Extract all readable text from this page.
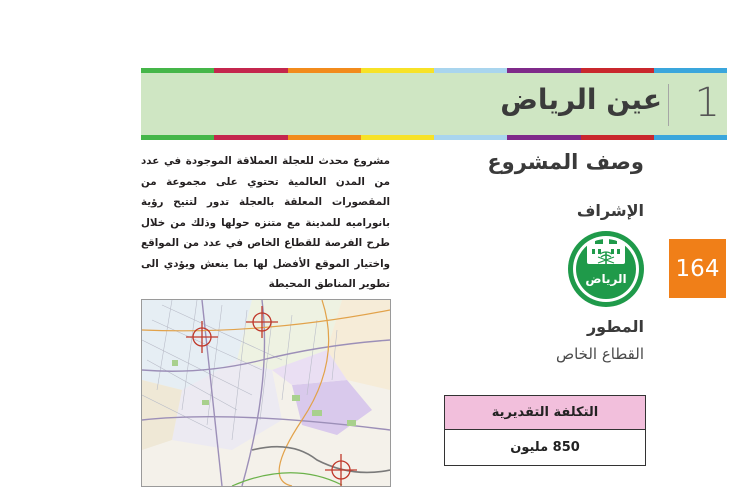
عين الرياض 1

مشروع محدث للعجلة العملاقة الموجودة في عدد من المدن العالمية تحتوي على مجموعة من المقصورات المعلقة بالعجلة تدور لتتيح رؤية بانوراميه للمدينة مع متنزه حولها وذلك من خلال طرح الفرصة للقطاع الخاص في عدد من المواقع واختيار الموقع الأفضل لها بما ينعش ويؤدي الى تطوير المناطق المحيطة

وصف المشروع
الإشراف
الرياض 164
المطور
القطاع الخاص
التكلفة التقديرية
850 مليون
